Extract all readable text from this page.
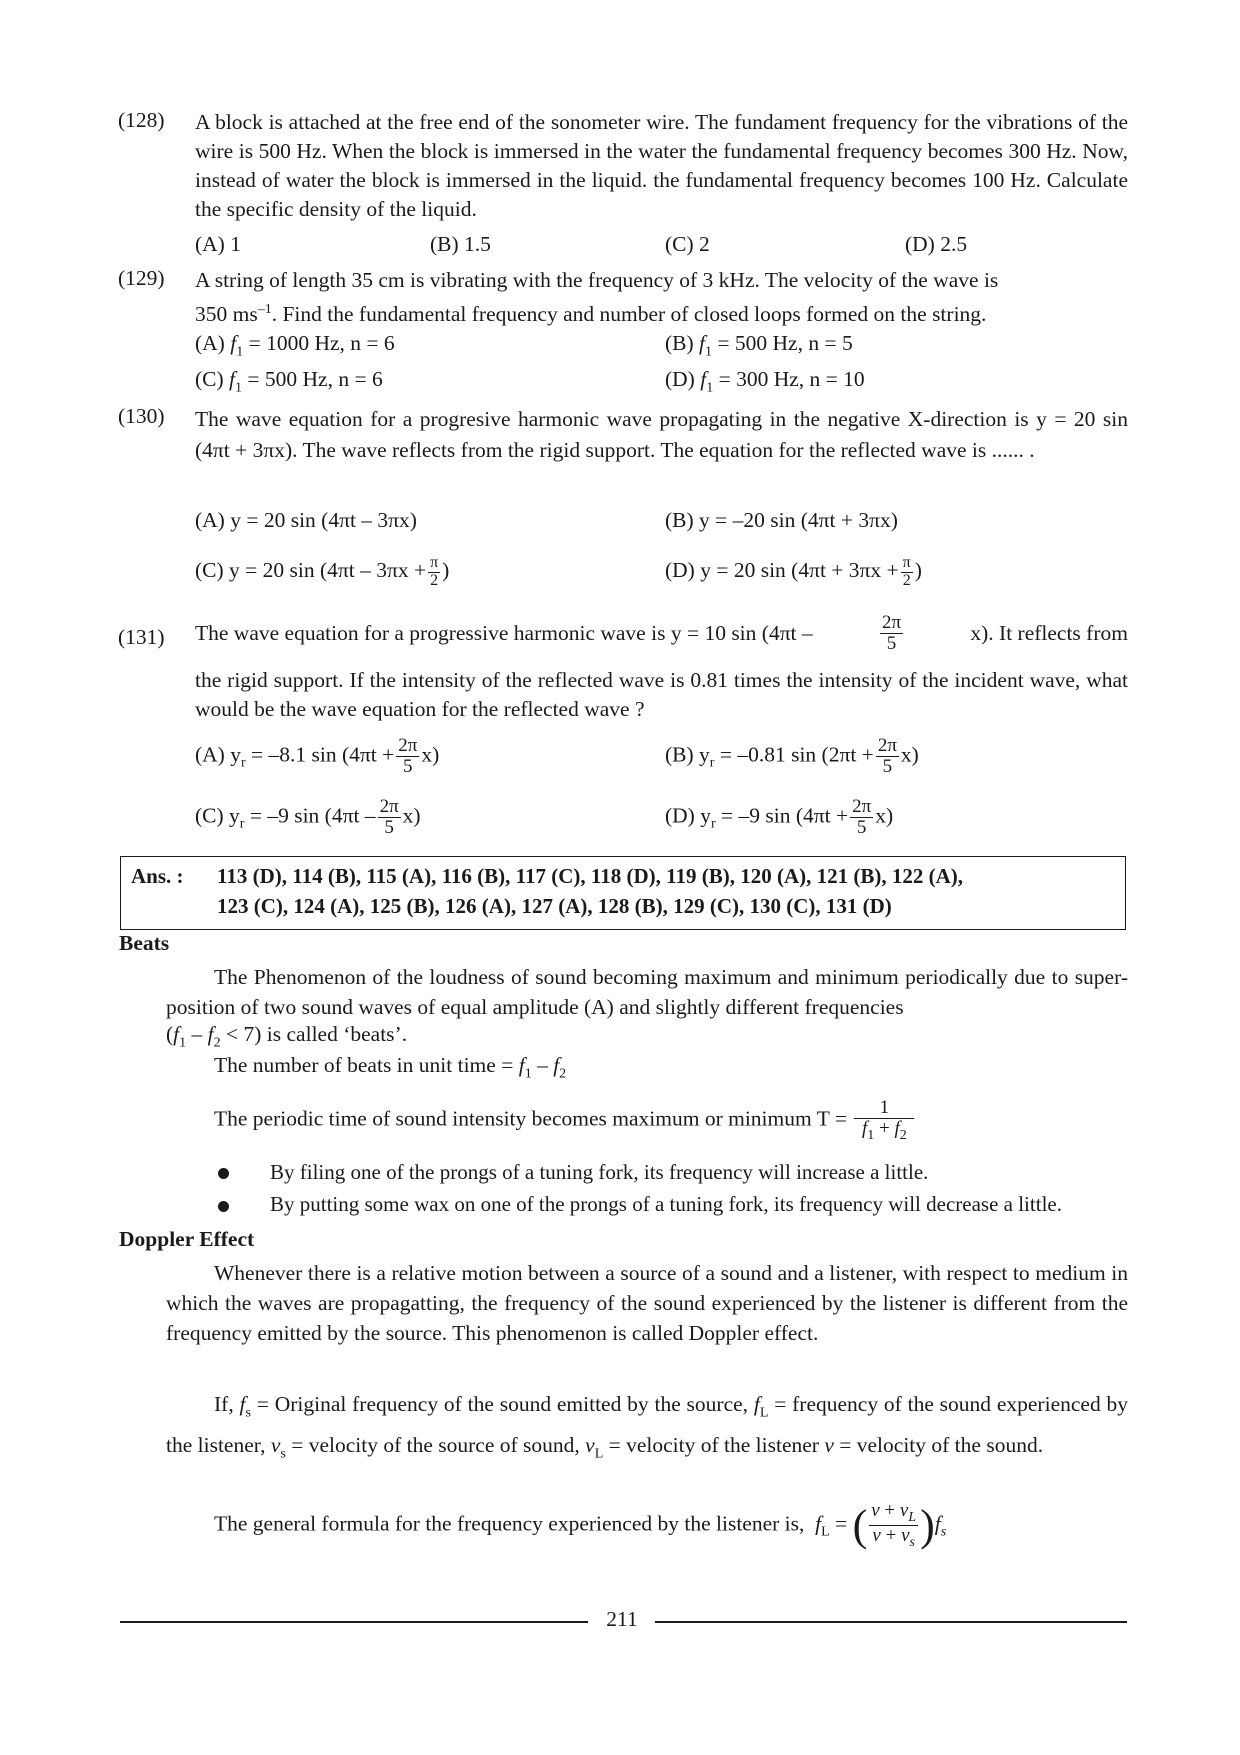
(128) A block is attached at the free end of the sonometer wire. The fundament frequency for the vibrations of the wire is 500 Hz. When the block is immersed in the water the fundamental frequency becomes 300 Hz. Now, instead of water the block is immersed in the liquid. the fundamental frequency becomes 100 Hz. Calculate the specific density of the liquid.
(A) 1	(B) 1.5	(C) 2	(D) 2.5
(129) A string of length 35 cm is vibrating with the frequency of 3 kHz. The velocity of the wave is
350 $ms^{-1}$. Find the fundamental frequency and number of closed loops formed on the string.
(A) $f_1 = 1000$ Hz, n = 6	(B) $f_1 = 500$ Hz, n = 5
(C) $f_1 = 500$ Hz, n = 6	(D) $f_1 = 300$ Hz, n = 10
(130) The wave equation for a progresive harmonic wave propagating in the negative X-direction is y = 20 sin (4πt + 3πx). The wave reflects from the rigid support. The equation for the reflected wave is ...... .
(A) y = 20 sin (4πt – 3πx)	(B) y = –20 sin (4πt + 3πx)
(C) y = 20 $\sin (4\pi t - 3\pi x + \frac{\pi}{2}$ )	(D) y = 20 $\sin (4\pi t + 3\pi x + \frac{\pi}{2}$ )
(131) The wave equation for a progressive harmonic wave is y = 10 sin (4πt –	$\frac{2\pi}{5}$	x). It reflects from
the rigid support. If the intensity of the reflected wave is 0.81 times the intensity of the incident wave, what would be the wave equation for the reflected wave ?
(A) $y_r = -8.1$ $\sin (4\pi t + \frac{2\pi}{5} x)$	(B) $y_r = -0.81$ $\sin (2\pi t + \frac{2\pi}{5} x)$
(C) $y_r = -9$ $\sin (4\pi t - \frac{2\pi}{5} x)$	(D) $y_r = -9$ $\sin (4\pi t + \frac{2\pi}{5} x)$
Ans. : 113 (D), 114 (B), 115 (A), 116 (B), 117 (C), 118 (D), 119 (B), 120 (A), 121 (B), 122 (A),
123 (C), 124 (A), 125 (B), 126 (A), 127 (A), 128 (B), 129 (C), 130 (C), 131 (D)
Beats
The Phenomenon of the loudness of sound becoming maximum and minimum periodically due to super-position of two sound waves of equal amplitude (A) and slightly different frequencies
$(f_1 - f_2 < 7)$ is called ‘beats’.
The number of beats in unit time = $f_1 - f_2$
The periodic time of sound intensity becomes maximum or minimum $T = \frac{1}{f_1 + f_2}$
By filing one of the prongs of a tuning fork, its frequency will increase a little.
By putting some wax on one of the prongs of a tuning fork, its frequency will decrease a little.
Doppler Effect
Whenever there is a relative motion between a source of a sound and a listener, with respect to medium in which the waves are propagatting, the frequency of the sound experienced by the listener is different from the frequency emitted by the source. This phenomenon is called Doppler effect.
If, $f_s$ = Original frequency of the sound emitted by the source, $f_L$ = frequency of the sound experienced by the listener, $v_s$ = velocity of the source of sound, $v_L$ = velocity of the listener v = velocity of the sound.
The general formula for the frequency experienced by the listener is, $f_L$ = ( $\frac{v + v_L}{v + v_s} )f_s$
211
